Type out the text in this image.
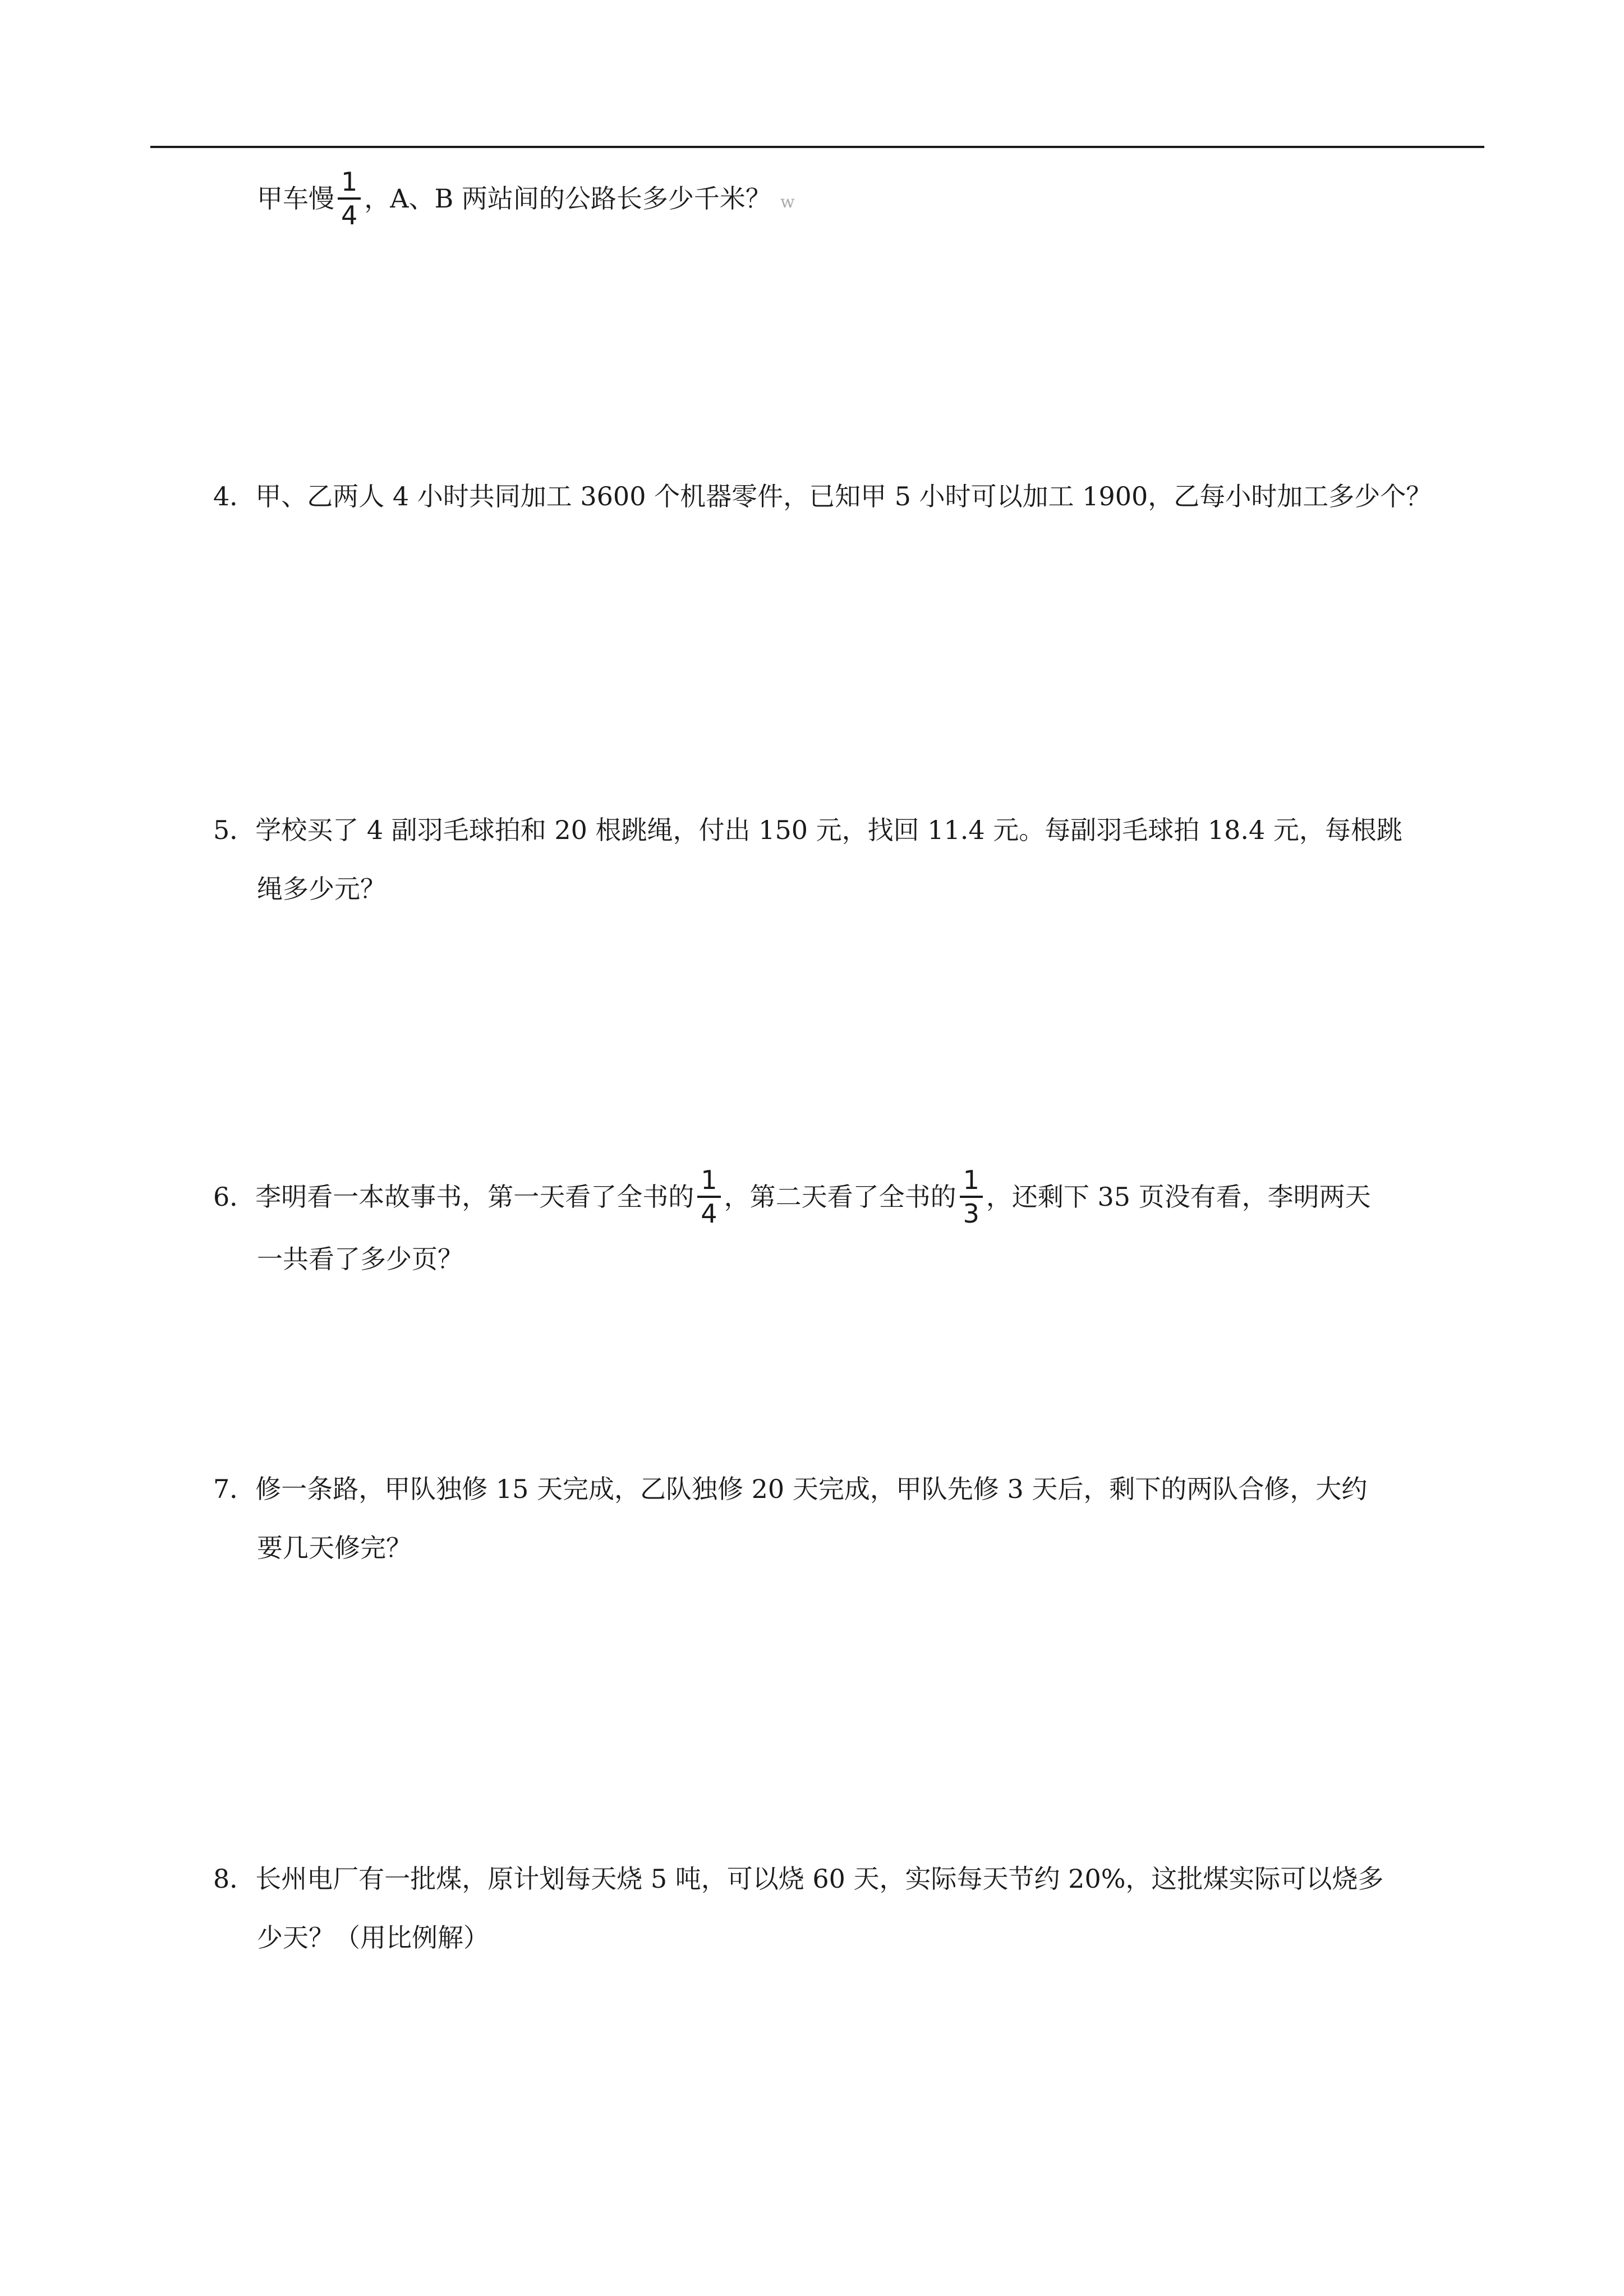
甲车慢 $\frac{1}{4}$ ，A、B 两站间的公路长多少千米？ w
4．甲、乙两人 4 小时共同加工 3600 个机器零件，已知甲 5 小时可以加工 1900，乙每小时加工多少个？
5．学校买了 4 副羽毛球拍和 20 根跳绳，付出 150 元，找回 11.4 元。每副羽毛球拍 18.4 元，每根跳
绳多少元？
6．李明看一本故事书，第一天看了全书的 $\frac{1}{4}$ ，第二天看了全书的 $\frac{1}{3}$ ，还剩下 35 页没有看，李明两天
一共看了多少页？
7．修一条路，甲队独修 15 天完成，乙队独修 20 天完成，甲队先修 3 天后，剩下的两队合修，大约
要几天修完？
8．长州电厂有一批煤，原计划每天烧 5 吨，可以烧 60 天，实际每天节约 20%，这批煤实际可以烧多
少天？（用比例解）
